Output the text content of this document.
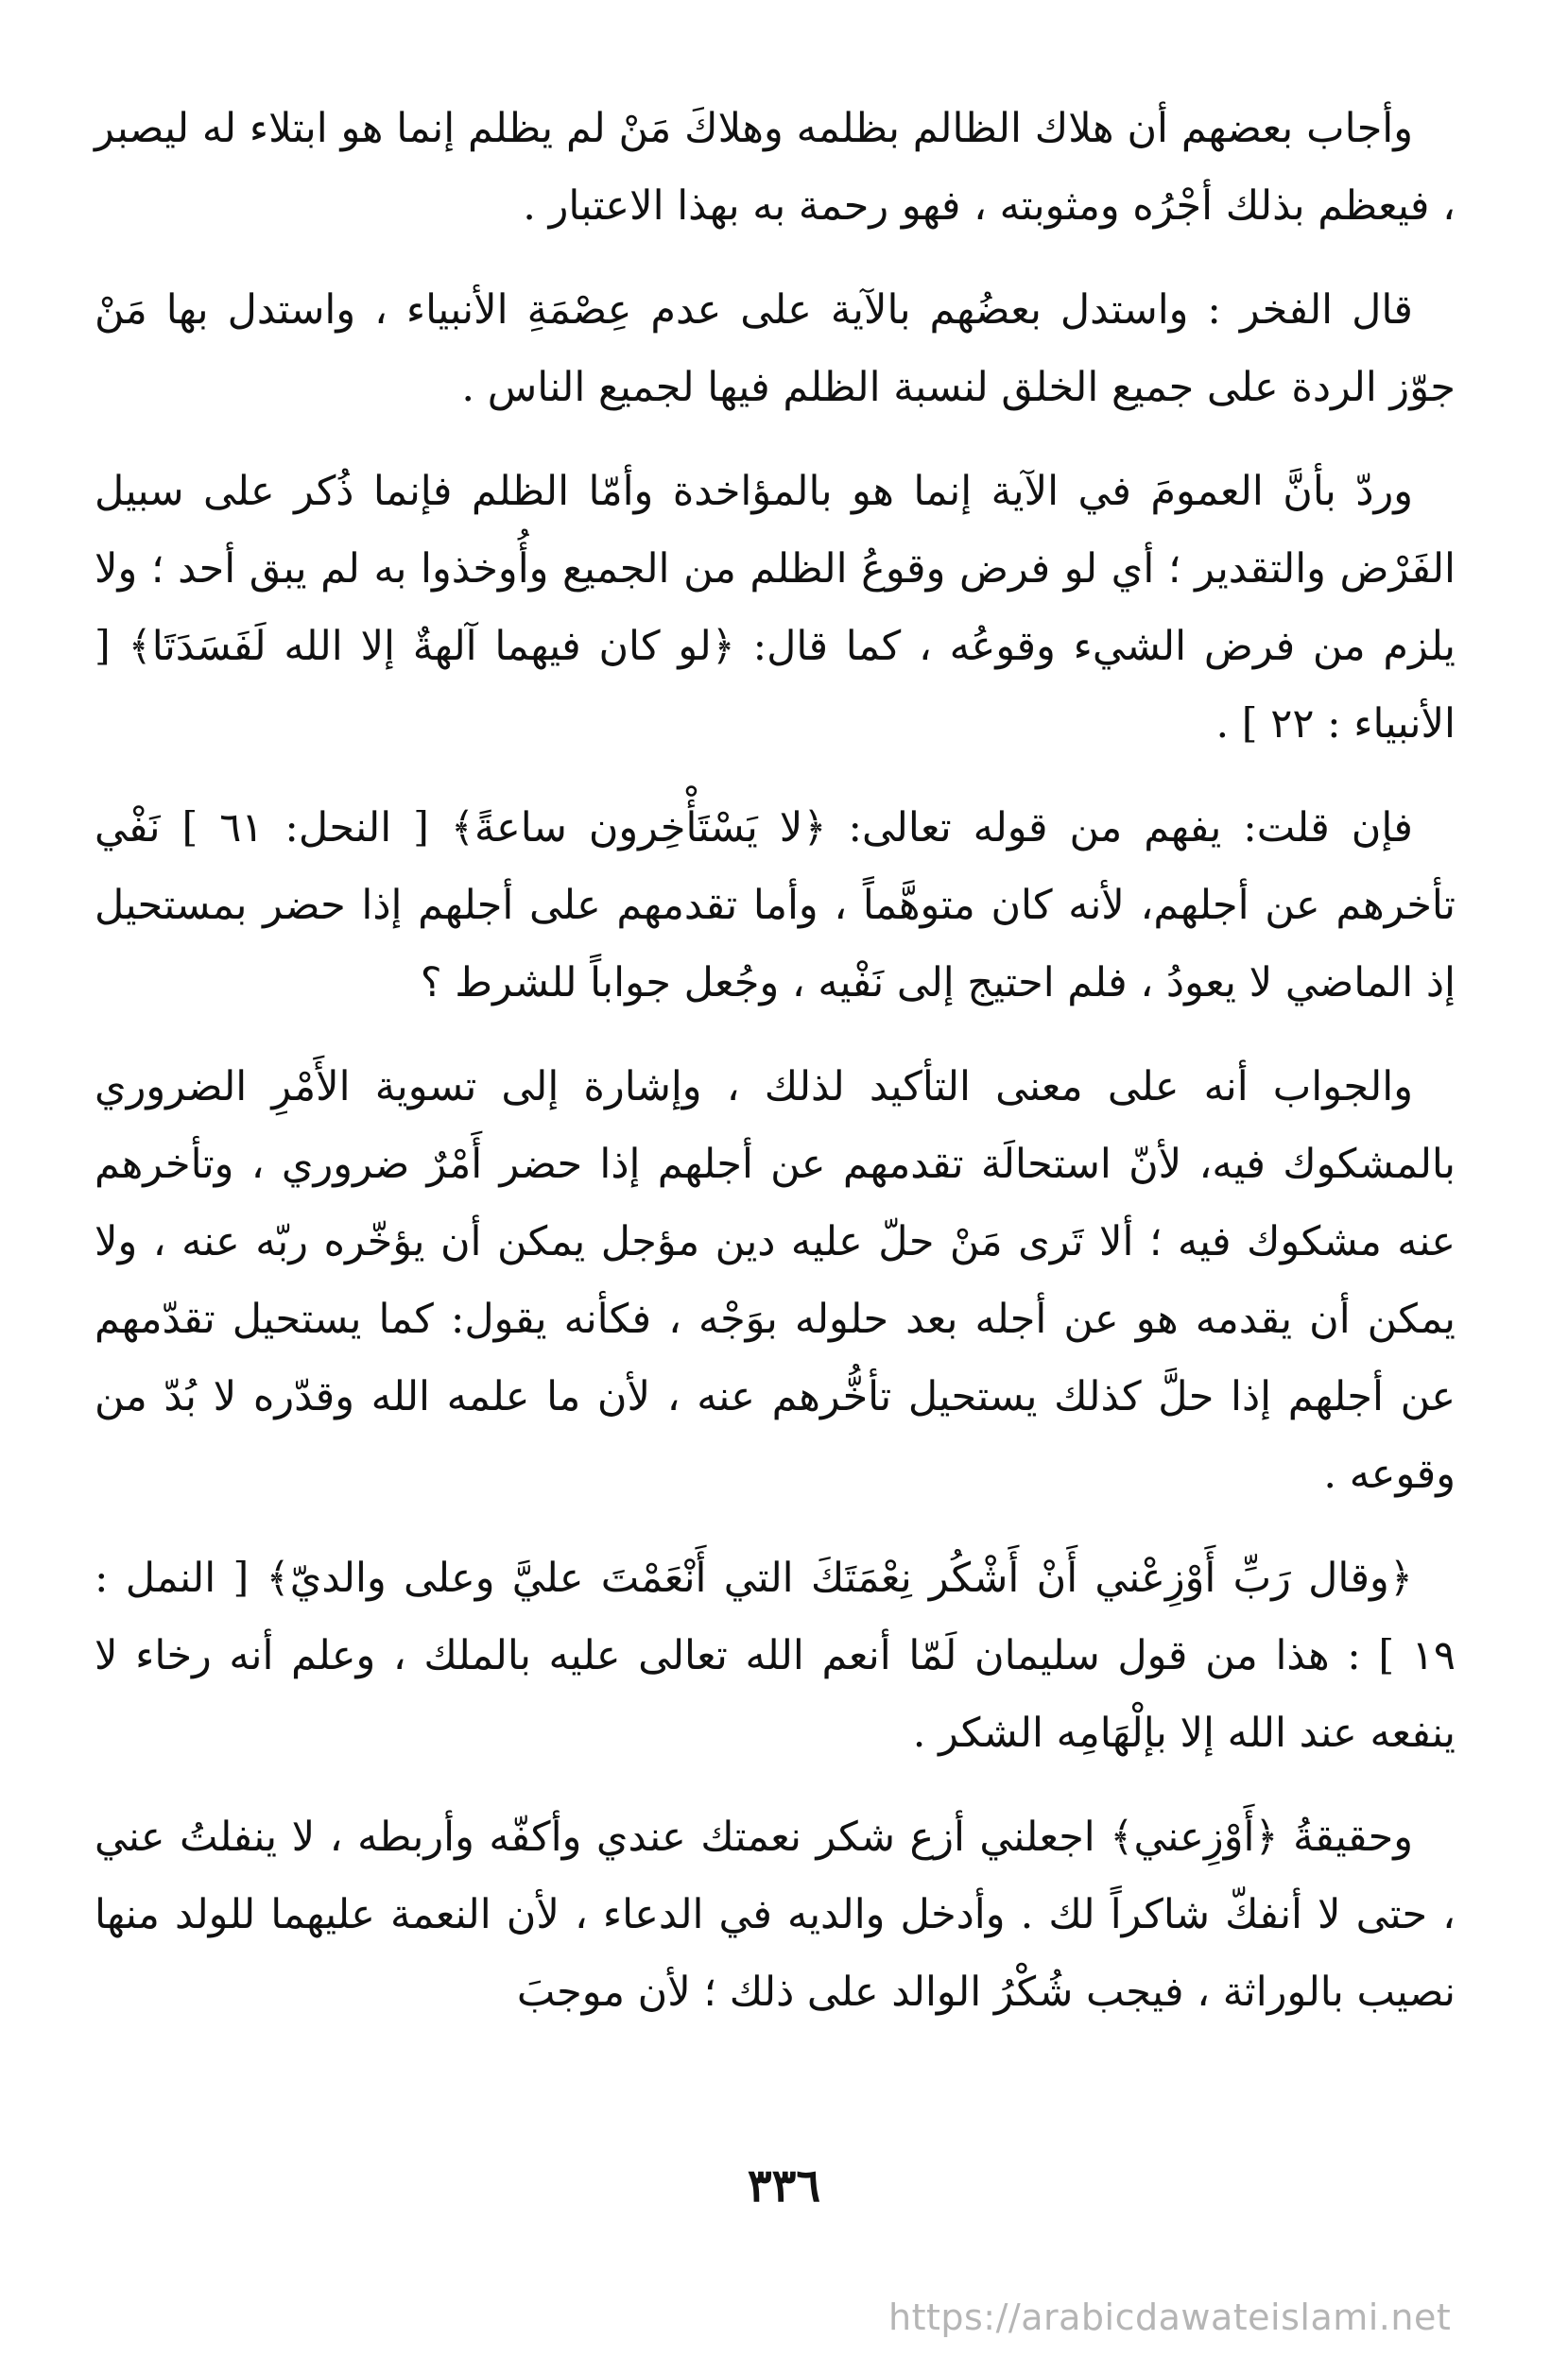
وأجاب بعضهم أن هلاك الظالم بظلمه وهلاكَ مَنْ لم يظلم إنما هو ابتلاء له ليصبر ، فيعظم بذلك أجْرُه ومثوبته ، فهو رحمة به بهذا الاعتبار .

قال الفخر : واستدل بعضُهم بالآية على عدم عِصْمَةِ الأنبياء ، واستدل بها مَنْ جوّز الردة على جميع الخلق لنسبة الظلم فيها لجميع الناس .

وردّ بأنَّ العمومَ في الآية إنما هو بالمؤاخدة وأمّا الظلم فإنما ذُكر على سبيل الفَرْض والتقدير ؛ أي لو فرض وقوعُ الظلم من الجميع وأُوخذوا به لم يبق أحد ؛ ولا يلزم من فرض الشيء وقوعُه ، كما قال: ﴿لو كان فيهما آلهةٌ إلا الله لَفَسَدَتَا﴾ [ الأنبياء : ٢٢ ] .

فإن قلت: يفهم من قوله تعالى: ﴿لا يَسْتَأْخِرون ساعةً﴾ [ النحل: ٦١ ] نَفْي تأخرهم عن أجلهم، لأنه كان متوهَّماً ، وأما تقدمهم على أجلهم إذا حضر بمستحيل إذ الماضي لا يعودُ ، فلم احتيج إلى نَفْيه ، وجُعل جواباً للشرط ؟

والجواب أنه على معنى التأكيد لذلك ، وإشارة إلى تسوية الأَمْرِ الضروري بالمشكوك فيه، لأنّ استحالَة تقدمهم عن أجلهم إذا حضر أَمْرٌ ضروري ، وتأخرهم عنه مشكوك فيه ؛ ألا تَرى مَنْ حلّ عليه دين مؤجل يمكن أن يؤخّره ربّه عنه ، ولا يمكن أن يقدمه هو عن أجله بعد حلوله بوَجْه ، فكأنه يقول: كما يستحيل تقدّمهم عن أجلهم إذا حلَّ كذلك يستحيل تأخُّرهم عنه ، لأن ما علمه الله وقدّره لا بُدّ من وقوعه .

﴿وقال رَبِّ أَوْزِعْني أَنْ أَشْكُر نِعْمَتَكَ التي أَنْعَمْتَ عليَّ وعلى والديّ﴾ [ النمل : ١٩ ] : هذا من قول سليمان لَمّا أنعم الله تعالى عليه بالملك ، وعلم أنه رخاء لا ينفعه عند الله إلا بإلْهَامِه الشكر .

وحقيقةُ ﴿أَوْزِعني﴾ اجعلني أزع شكر نعمتك عندي وأكفّه وأربطه ، لا ينفلتُ عني ، حتى لا أنفكّ شاكراً لك . وأدخل والديه في الدعاء ، لأن النعمة عليهما للولد منها نصيب بالوراثة ، فيجب شُكْرُ الوالد على ذلك ؛ لأن موجبَ

٣٣٦
https://arabicdawateislami.net
